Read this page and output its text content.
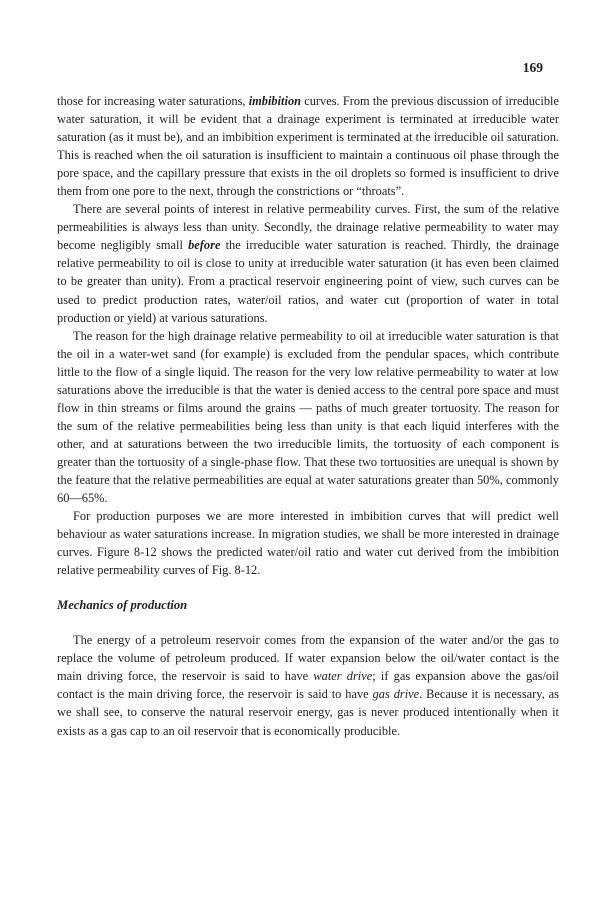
169

those for increasing water saturations, imbibition curves. From the previous discussion of irreducible water saturation, it will be evident that a drainage experiment is terminated at irreducible water saturation (as it must be), and an imbibition experiment is terminated at the irreducible oil saturation. This is reached when the oil saturation is insufficient to maintain a continuous oil phase through the pore space, and the capillary pressure that exists in the oil droplets so formed is insufficient to drive them from one pore to the next, through the constrictions or “throats”.

There are several points of interest in relative permeability curves. First, the sum of the relative permeabilities is always less than unity. Secondly, the drainage relative permeability to water may become negligibly small before the irreducible water saturation is reached. Thirdly, the drainage relative permeability to oil is close to unity at irreducible water saturation (it has even been claimed to be greater than unity). From a practical reservoir engineering point of view, such curves can be used to predict production rates, water/oil ratios, and water cut (proportion of water in total production or yield) at various saturations.

The reason for the high drainage relative permeability to oil at irreducible water saturation is that the oil in a water-wet sand (for example) is excluded from the pendular spaces, which contribute little to the flow of a single liquid. The reason for the very low relative permeability to water at low saturations above the irreducible is that the water is denied access to the central pore space and must flow in thin streams or films around the grains — paths of much greater tortuosity. The reason for the sum of the relative permeabilities being less than unity is that each liquid interferes with the other, and at saturations between the two irreducible limits, the tortuosity of each component is greater than the tortuosity of a single-phase flow. That these two tortuosities are unequal is shown by the feature that the relative permeabilities are equal at water saturations greater than 50%, commonly 60—65%.

For production purposes we are more interested in imbibition curves that will predict well behaviour as water saturations increase. In migration studies, we shall be more interested in drainage curves. Figure 8-12 shows the predicted water/oil ratio and water cut derived from the imbibition relative permeability curves of Fig. 8-12.

Mechanics of production

The energy of a petroleum reservoir comes from the expansion of the water and/or the gas to replace the volume of petroleum produced. If water expansion below the oil/water contact is the main driving force, the reservoir is said to have water drive; if gas expansion above the gas/oil contact is the main driving force, the reservoir is said to have gas drive. Because it is necessary, as we shall see, to conserve the natural reservoir energy, gas is never produced intentionally when it exists as a gas cap to an oil reservoir that is economically producible.
